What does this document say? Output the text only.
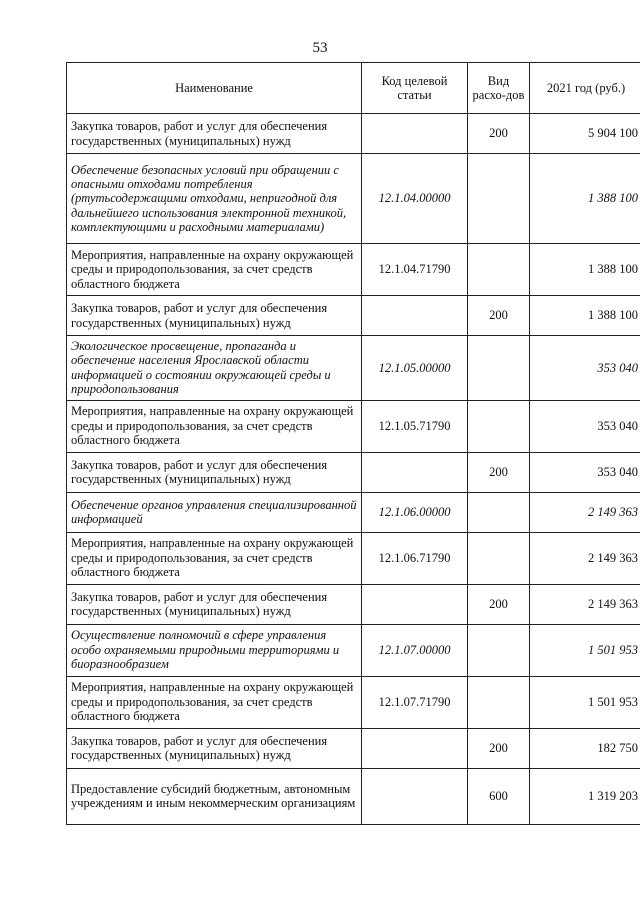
53
Наименование	Код целевой статьи	Вид расхо-дов	2021 год (руб.)
Закупка товаров, работ и услуг для обеспечения государственных (муниципальных) нужд		200	5 904 100
Обеспечение безопасных условий при обращении с опасными отходами потребления (ртутьсодержащими отходами, непригодной для дальнейшего использования электронной техникой, комплектующими и расходными материалами)	12.1.04.00000		1 388 100
Мероприятия, направленные на охрану окружающей среды и природопользования, за счет средств областного бюджета	12.1.04.71790		1 388 100
Закупка товаров, работ и услуг для обеспечения государственных (муниципальных) нужд		200	1 388 100
Экологическое просвещение, пропаганда и обеспечение населения Ярославской области информацией о состоянии окружающей среды и природопользования	12.1.05.00000		353 040
Мероприятия, направленные на охрану окружающей среды и природопользования, за счет средств областного бюджета	12.1.05.71790		353 040
Закупка товаров, работ и услуг для обеспечения государственных (муниципальных) нужд		200	353 040
Обеспечение органов управления специализированной информацией	12.1.06.00000		2 149 363
Мероприятия, направленные на охрану окружающей среды и природопользования, за счет средств областного бюджета	12.1.06.71790		2 149 363
Закупка товаров, работ и услуг для обеспечения государственных (муниципальных) нужд		200	2 149 363
Осуществление полномочий в сфере управления особо охраняемыми природными территориями и биоразнообразием	12.1.07.00000		1 501 953
Мероприятия, направленные на охрану окружающей среды и природопользования, за счет средств областного бюджета	12.1.07.71790		1 501 953
Закупка товаров, работ и услуг для обеспечения государственных (муниципальных) нужд		200	182 750
Предоставление субсидий бюджетным, автономным учреждениям и иным некоммерческим организациям		600	1 319 203
